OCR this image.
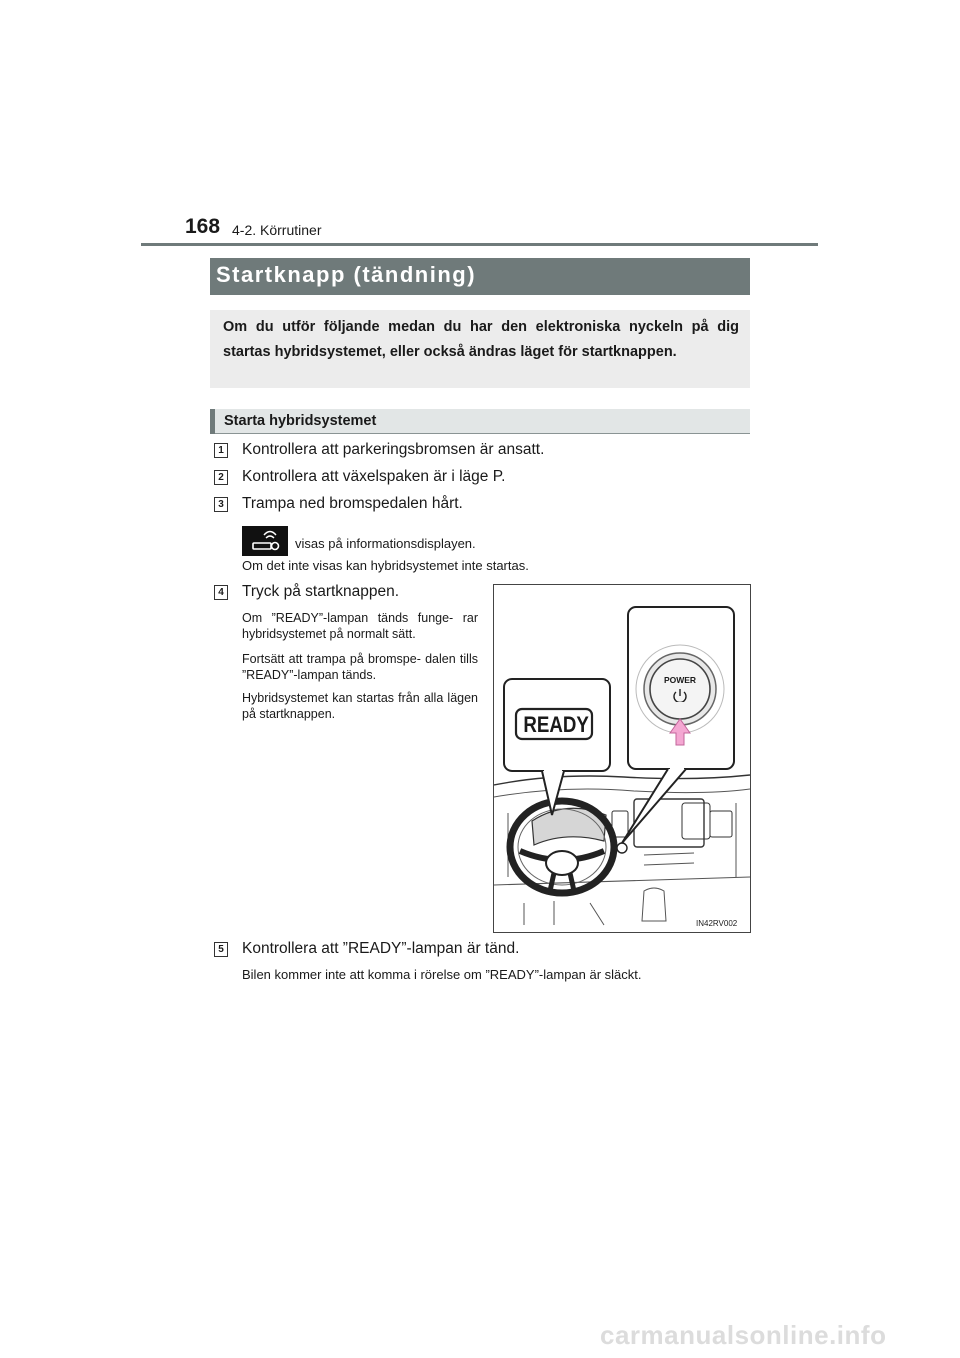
168 4-2. Körrutiner
Startknapp (tändning)
Om du utför följande medan du har den elektroniska nyckeln på dig startas hybridsystemet, eller också ändras läget för startknappen.
Starta hybridsystemet
1 Kontrollera att parkeringsbromsen är ansatt.
2 Kontrollera att växelspaken är i läge P.
3 Trampa ned bromspedalen hårt.
visas på informationsdisplayen.
Om det inte visas kan hybridsystemet inte startas.
4 Tryck på startknappen.
Om ”READY”-lampan tänds funge- rar hybridsystemet på normalt sätt.
Fortsätt att trampa på bromspe- dalen tills ”READY”-lampan tänds.
Hybridsystemet kan startas från alla lägen på startknappen.	READY
POWER
IN42RV002
5 Kontrollera att ”READY”-lampan är tänd.
Bilen kommer inte att komma i rörelse om ”READY”-lampan är släckt.
carmanualsonline.info
